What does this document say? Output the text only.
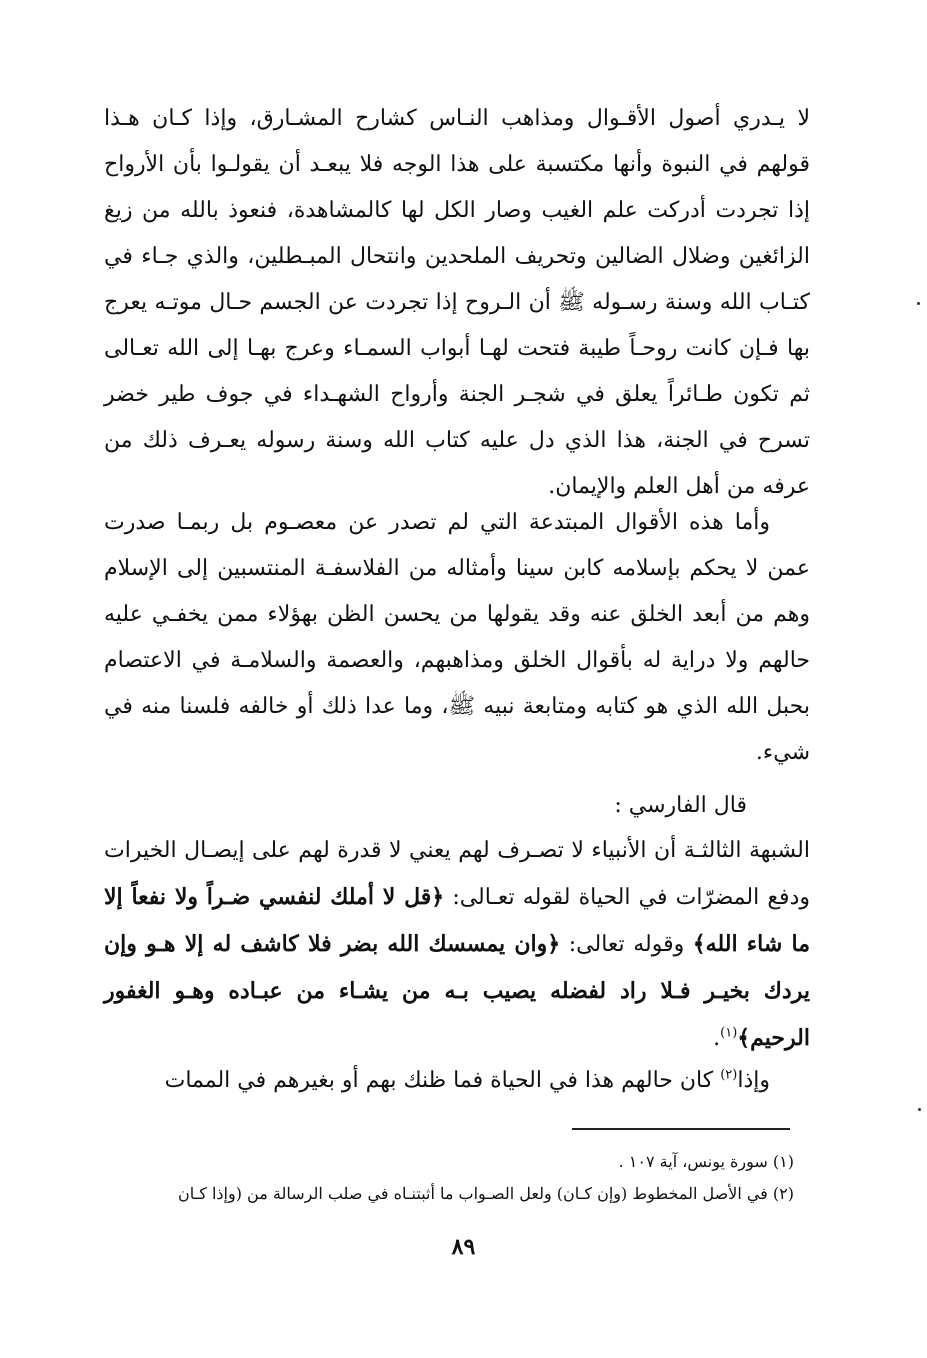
لا يـدري أصول الأقـوال ومذاهب النـاس كشارح المشـارق، وإذا كـان هـذا قولهم في النبوة وأنها مكتسبة على هذا الوجه فلا يبعـد أن يقولـوا بأن الأرواح إذا تجردت أدركت علم الغيب وصار الكل لها كالمشاهدة، فنعوذ بالله من زيغ الزائغين وضلال الضالين وتحريف الملحدين وانتحال المبـطلين، والذي جـاء في كتـاب الله وسنة رسـوله ﷺ أن الـروح إذا تجردت عن الجسم حـال موتـه يعرج بها فـإن كانت روحـاً طيبة فتحت لهـا أبواب السمـاء وعرج بهـا إلى الله تعـالى ثم تكون طـائراً يعلق في شجـر الجنة وأرواح الشهـداء في جوف طير خضر تسرح في الجنة، هذا الذي دل عليه كتاب الله وسنة رسوله يعـرف ذلك من عرفه من أهل العلم والإيمان.
وأما هذه الأقوال المبتدعة التي لم تصدر عن معصـوم بل ربمـا صدرت عمن لا يحكم بإسلامه كابن سينا وأمثاله من الفلاسفـة المنتسبين إلى الإسلام وهم من أبعد الخلق عنه وقد يقولها من يحسن الظن بهؤلاء ممن يخفـي عليه حالهم ولا دراية له بأقوال الخلق ومذاهبهم، والعصمة والسلامـة في الاعتصام بحبل الله الذي هو كتابه ومتابعة نبيه ﷺ، وما عدا ذلك أو خالفه فلسنا منه في شيء.
قال الفارسي :
الشبهة الثالثـة أن الأنبياء لا تصـرف لهم يعني لا قدرة لهم على إيصـال الخيرات ودفع المضرّات في الحياة لقوله تعـالى: ﴿قل لا أملك لنفسي ضـراً ولا نفعاً إلا ما شاء الله﴾ وقوله تعالى: ﴿وان يمسسك الله بضر فلا كاشف له إلا هـو وإن يردك بخيـر فـلا راد لفضله يصيب بـه من يشـاء من عبـاده وهـو الغفور الرحيم﴾$^{(١)}$.
وإذا$^{(٢)}$ كان حالهم هذا في الحياة فما ظنك بهم أو بغيرهم في الممات
(١) سورة يونس، آية ١٠٧ .
(٢) في الأصل المخطوط (وإن كـان) ولعل الصـواب ما أثبتنـاه في صلب الرسالة من (وإذا كـان
٨٩
